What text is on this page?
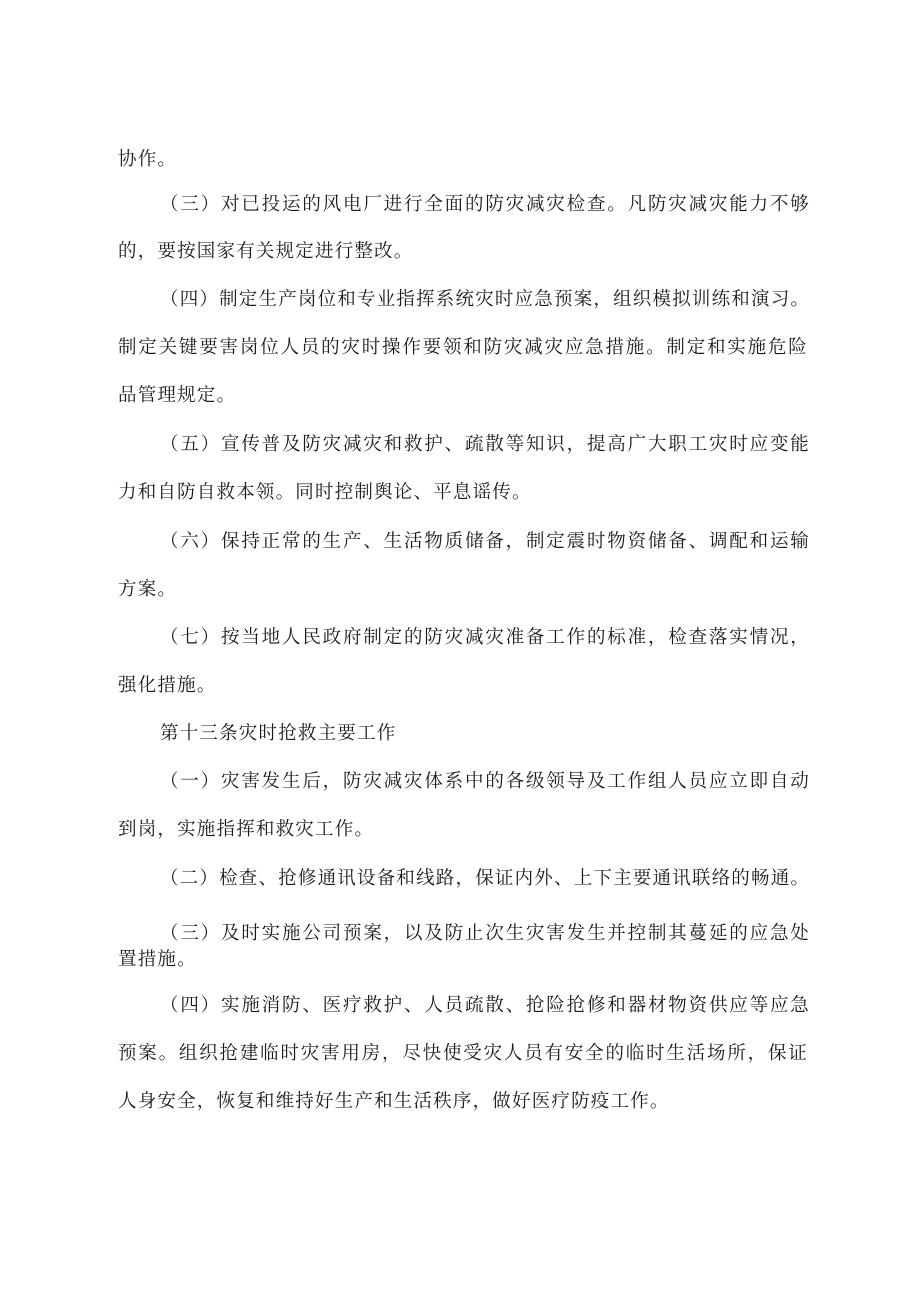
协作。
（三）对已投运的风电厂进行全面的防灾减灾检查。凡防灾减灾能力不够
的，要按国家有关规定进行整改。
（四）制定生产岗位和专业指挥系统灾时应急预案，组织模拟训练和演习。
制定关键要害岗位人员的灾时操作要领和防灾减灾应急措施。制定和实施危险
品管理规定。
（五）宣传普及防灾减灾和救护、疏散等知识，提高广大职工灾时应变能
力和自防自救本领。同时控制舆论、平息谣传。
（六）保持正常的生产、生活物质储备，制定震时物资储备、调配和运输
方案。
（七）按当地人民政府制定的防灾减灾准备工作的标准，检查落实情况，
强化措施。
第十三条灾时抢救主要工作
（一）灾害发生后，防灾减灾体系中的各级领导及工作组人员应立即自动
到岗，实施指挥和救灾工作。
（二）检查、抢修通讯设备和线路，保证内外、上下主要通讯联络的畅通。
（三）及时实施公司预案，以及防止次生灾害发生并控制其蔓延的应急处
置措施。
（四）实施消防、医疗救护、人员疏散、抢险抢修和器材物资供应等应急
预案。组织抢建临时灾害用房，尽快使受灾人员有安全的临时生活场所，保证
人身安全，恢复和维持好生产和生活秩序，做好医疗防疫工作。
